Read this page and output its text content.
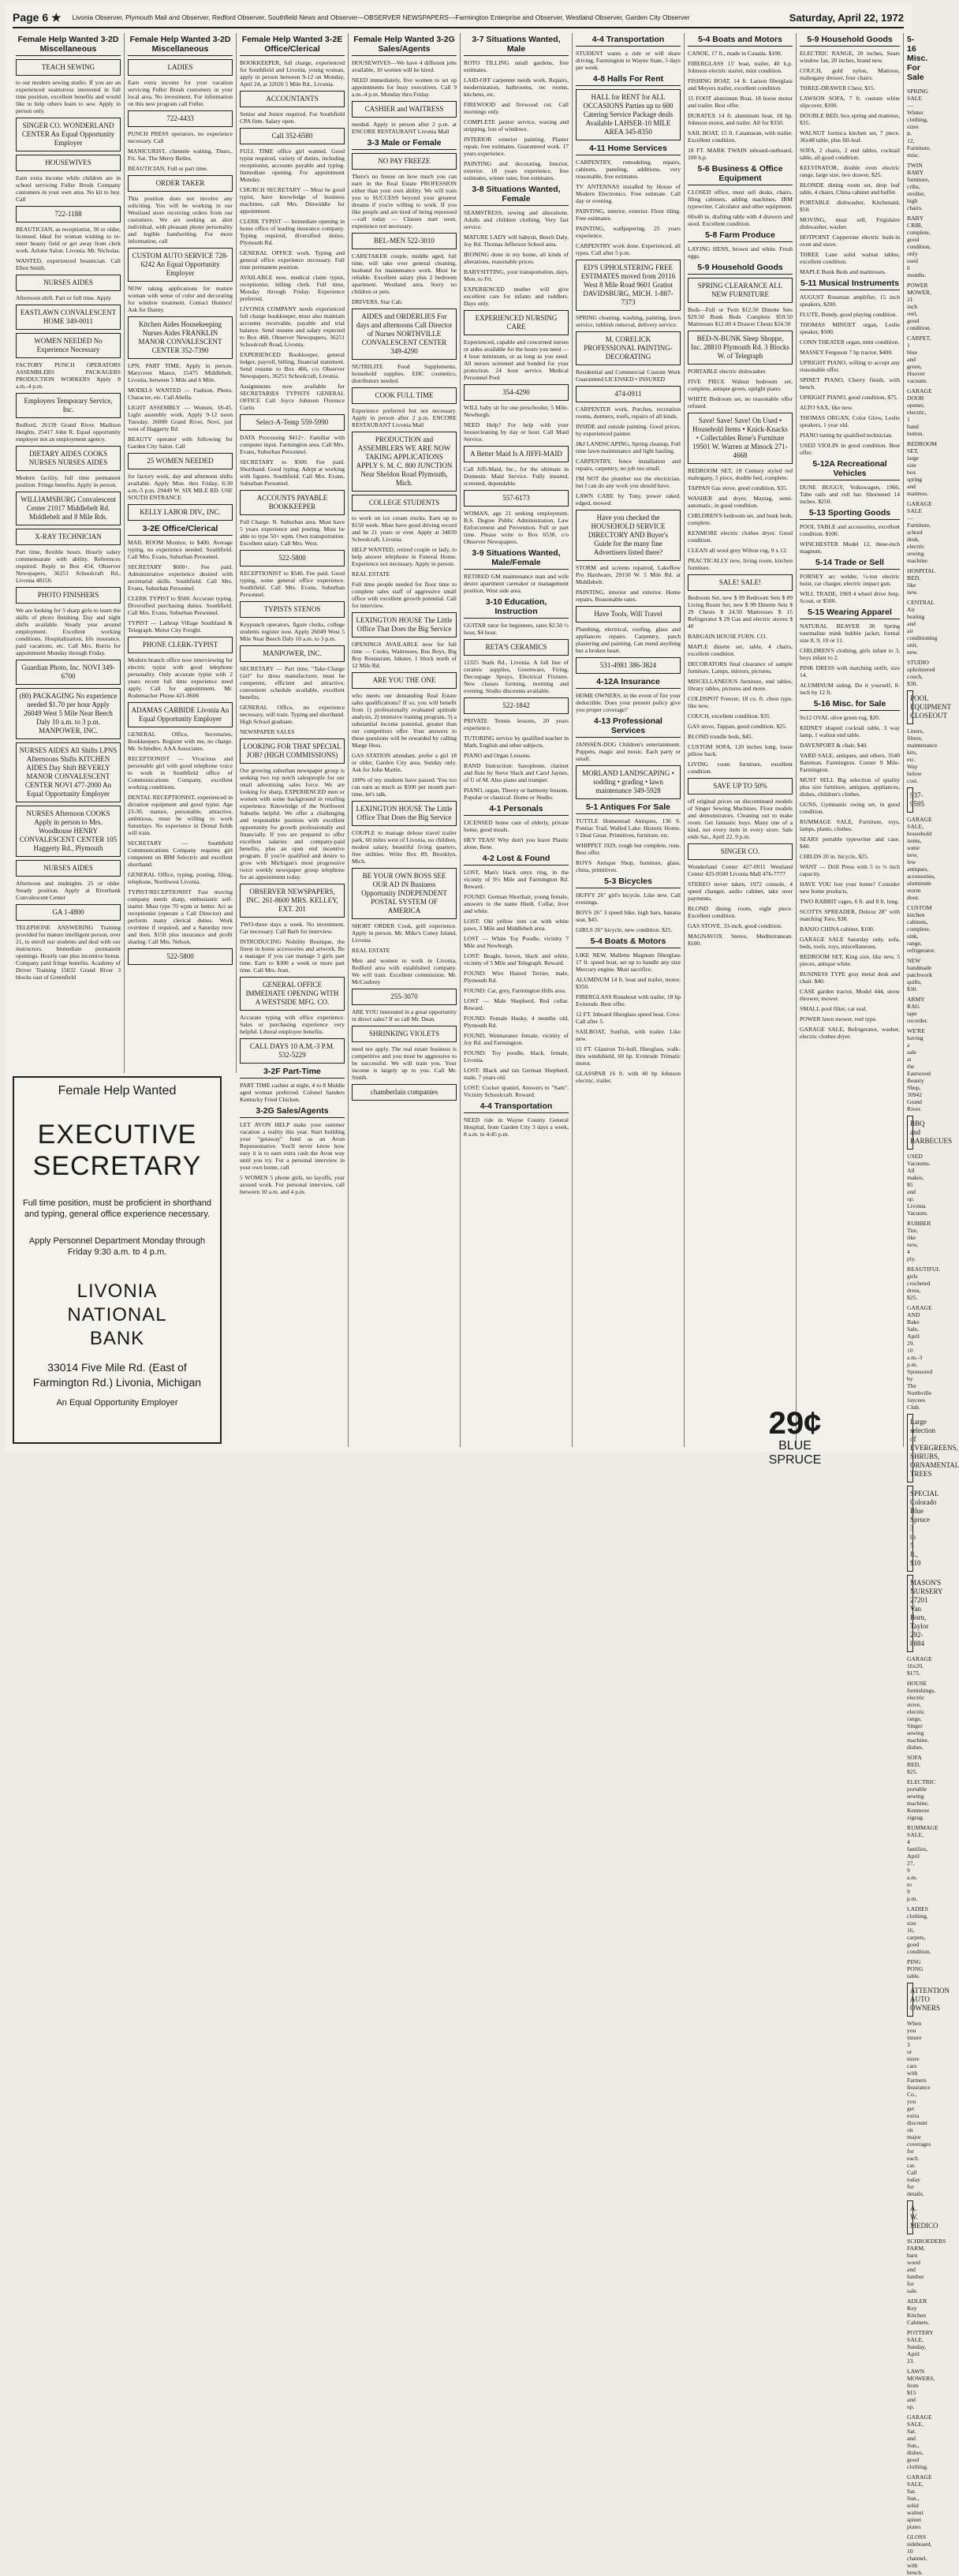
Page 6 ★ Livonia Observer, Plymouth Mail and Observer, Redford Observer, Southfield News and Observer—OBSERVER NEWSPAPERS—Farmington Enterprise and Observer, Westland Observer, Garden City Observer	Saturday, April 22, 1972
Female Help Wanted 3-2D Miscellaneous
TEACH SEWING
to our modern sewing studio. If you are an experienced seamstress interested in full time position, excellent benefits and would like to help others learn to sew. Apply in person only.
SINGER CO. WONDERLAND CENTER An Equal Opportunity Employer
HOUSEWIVES
Earn extra income while children are in school servicing Fuller Brush Company customers in your own area. No kit to buy. Call
722-1188
BEAUTICIAN, as receptionist, 30 or older, licensed. Ideal for woman wishing to re-enter beauty field or get away from clerk work. Arlotte Salon. Livonia. Mr. Nicholas.
WANTED, experienced beautician. Call Ellen Smith.
NURSES AIDES
Afternoon shift. Part or full time. Apply
EASTLAWN CONVALESCENT HOME 349-0011
WOMEN NEEDED No Experience Necessary
FACTORY PUNCH OPERATORS ASSEMBLERS PACKAGERS PRODUCTION WORKERS Apply 8 a.m.-4 p.m.
Employers Temporary Service, Inc.
Redford, 26139 Grand River. Madison Heights, 25417 John R. Equal opportunity employer not an employment agency.
DIETARY AIDES COOKS NURSES NURSES AIDES
Modern facility, full time permanent position. Fringe benefits. Apply in person.
WILLIAMSBURG Convalescent Center 21017 Middlebelt Rd. Middlebelt and 8 Mile Rds.
X-RAY TECHNICIAN
Part time, flexible hours. Hourly salary commensurate with ability. References required. Reply to Box 454, Observer Newspapers, 36251 Schoolcraft Rd., Livonia 48150.
PHOTO FINISHERS
We are looking for 5 sharp girls to learn the skills of photo finishing. Day and night shifts available. Steady year around employment. Excellent working conditions. Hospitalization, life insurance, paid vacations, etc. Call Mrs. Burris for appointment Monday through Friday.
Guardian Photo, Inc. NOVI 349-6700
(80) PACKAGING No experience needed $1.70 per hour Apply 26049 West 5 Mile Near Beech Daly 10 a.m. to 3 p.m. MANPOWER, INC.
NURSES AIDES All Shifts LPNS Afternoons Shifts KITCHEN AIDES Day Shift BEVERLY MANOR CONVALESCENT CENTER NOVI 477-2000 An Equal Opportunity Employer
NURSES Afternoon COOKS Apply in person to Mrs. Woodhouse HENRY CONVALESCENT CENTER 105 Haggerty Rd., Plymouth
NURSES AIDES
Afternoon and midnights. 25 or older. Steady position. Apply at Riverbank Convalescent Center
GA 1-4800
TELEPHONE ANSWERING Training provided for mature intelligent person, over 21, to enroll our students and deal with our instructors. Immediate permanent openings. Hourly rate plus incentive bonus. Company paid fringe benefits. Academy of Driver Training 15032 Grand River 3 blocks east of Greenfield
Female Help Wanted 3-2D Miscellaneous
LADIES
Earn extra income for your vacation servicing Fuller Brush customers in your local area. No investment. For information on this new program call Fuller.
722-4433
PUNCH PRESS operators, no experience necessary. Call
MANICURIST, clientele waiting. Thurs., Fri. Sat. The Merry Belles.
BEAUTICIAN, Full or part time.
ORDER TAKER
This position does not involve any soliciting. You will be working in our Westland store receiving orders from our customers. We are seeking an alert individual, with pleasant phone personality and legible handwriting. For more information, call
CUSTOM AUTO SERVICE 728-6242 An Equal Opportunity Employer
NOW taking applications for mature woman with sense of color and decorating for window treatment. Contact Hunters! Ask for Danny.
Kitchen Aides Housekeeping Nurses Aides FRANKLIN MANOR CONVALESCENT CENTER 352-7390
LPN, PART TIME. Apply in person. Marycrest Manor, 15475 Middlebelt, Livonia, between 5 Mile and 6 Mile.
MODELS WANTED — Fashion, Photo, Character, etc. Call Abella.
LIGHT ASSEMBLY — Women, 18-45. Light assembly work. Apply 9-12 noon Tuesday. 26000 Grand River, Novi, just west of Haggerty Rd.
BEAUTY operator with following for Garden City Salon. Call
25 WOMEN NEEDED
for factory work, day and afternoon shifts available. Apply Mon. thru Friday, 6:30 a.m.-5 p.m. 29449 W. SIX MILE RD. USE SOUTH ENTRANCE
KELLY LABOR DIV., INC.
3-2E Office/Clerical
MAIL ROOM Monitor, to $400. Average typing, no experience needed. Southfield. Call Mrs. Evans, Suburban Personnel.
SECRETARY $600+. Fee paid. Administrative experience desired with secretarial skills. Southfield. Call Mrs. Evans, Suburban Personnel.
CLERK TYPIST to $500. Accurate typing. Diversified purchasing duties. Southfield. Call Mrs. Evans, Suburban Personnel.
TYPIST — Lathrup Village Southland & Telegraph. Motor City Freight.
PHONE CLERK-TYPIST
Modern branch office now interviewing for electric typist with good telephone personality. Only accurate typist with 2 years recent full time experience need apply. Call for appointment. Mr. Rodemacher Phone 421-8606
ADAMAS CARBIDE Livonia An Equal Opportunity Employer
GENERAL Office, Secretaries, Bookkeepers. Register with me, no charge. Mr. Schindler, AAA Associates.
RECEPTIONIST — Vivacious and personable girl with good telephone voice to work in Southfield office of Communications Company, excellent working conditions.
DENTAL RECEPTIONIST, experienced in dictation equipment and good typist. Age 23-30, mature, personable, attractive, ambitious, must be willing to work Saturdays. No experience in Dental fields will train.
SECRETARY — Southfield Communications Company requires girl competent on IBM Selectric and excellent shorthand.
GENERAL Office, typing, posting, filing, telephone, Northwest Livonia.
TYPIST/RECEPTIONIST Fast moving company needs sharp, enthusiastic self-starter. Must type 70 wpm or better. Act as receptionist (operate a Call Director) and perform many clerical duties. Work overtime if required, and a Saturday now and then. $150 plus insurance and profit sharing. Call Mrs. Nelson,
522-5800
Female Help Wanted 3-2E Office/Clerical
BOOKKEEPER, full charge, experienced for Southfield and Livonia, young woman, apply in person between 9-12 on Monday, April 24, at 32020 5 Mile Rd., Livonia.
ACCOUNTANTS
Senior and Junior required. For Southfield CPA firm. Salary open.
Call 352-6580
FULL TIME office girl wanted. Good typist required, variety of duties, including receptionist, accounts payable and typing. Immediate opening. For appointment Monday.
CHURCH SECRETARY — Must be good typist, have knowledge of business machines, call Mrs. Dinwiddie for appointment.
CLERK TYPIST — Immediate opening in home office of leading insurance company. Typing required, diversified duties. Plymouth Rd.
GENERAL OFFICE work. Typing and general office experience necessary. Full time permanent position.
AVAILABLE now, medical claim typist, receptionist, billing clerk. Full time, Monday through Friday. Experience preferred.
LIVONIA COMPANY needs experienced full charge bookkeeper, must also maintain accounts receivable, payable and trial balance. Send resume and salary expected to Box 468, Observer Newspapers, 36251 Schoolcraft Road, Livonia.
EXPERIENCED Bookkeeper, general ledger, payroll, billing, financial statement. Send resume to Box 466, c/o Observer Newspapers, 36251 Schoolcraft, Livonia.
Assignments now available for SECRETARIES TYPISTS GENERAL OFFICE Call Joyce Johnson Florence Curtis
Select-A-Temp 559-5990
DATA Processing $412+. Familiar with computer input. Farmington area. Call Mrs. Evans, Suburban Personnel.
SECRETARY to $500. Fee paid. Shorthand. Good typing. Adept at working with figures. Southfield. Call Mrs. Evans, Suburban Personnel.
ACCOUNTS PAYABLE BOOKKEEPER
Full Charge. N. Suburban area. Must have 5 years experience and posting. Must be able to type 50+ wpm. Own transportation. Excellent salary. Call Mrs. West.
522-5800
RECEPTIONIST to $540. Fee paid. Good typing, some general office experience. Southfield. Call Mrs. Evans, Suburban Personnel.
TYPISTS STENOS
Keypunch operators, figure clerks, college students register now. Apply 26049 West 5 Mile Near Beech Daly 10 a.m. to 3 p.m.
MANPOWER, INC.
SECRETARY — Part time, "Take-Charge Girl" for dress manufacturer, must be competent, efficient and attractive, convenient schedule available, excellent benefits.
GENERAL Office, no experience necessary, will train. Typing and shorthand. High School graduate.
NEWSPAPER SALES
LOOKING FOR THAT SPECIAL JOB? (HIGH COMMISSIONS)
Our growing suburban newspaper group is seeking two top notch salespeople for our retail advertising sales force. We are looking for sharp, EXPERIENCED men or women with some background in retailing experience. Knowledge of the Northwest Suburbs helpful. We offer a challenging and responsible position with excellent opportunity for growth professionally and financially. If you are prepared to offer excellent salaries and company-paid benefits, plus an open end incentive program. If you're qualified and desire to grow with Michigan's most progressive twice weekly newspaper group telephone for an appointment today.
OBSERVER NEWSPAPERS, INC. 261-8600 MRS. KELLEY, EXT. 201
TWO-three days a week. No investment. Car necessary. Call Barb for interview.
INTRODUCING Nobility Boutique, the finest in home accessories and artwork. Be a manager if you can manage 3 girls part time. Earn to $300 a week or more part time. Call Mrs. Jean.
GENERAL OFFICE IMMEDIATE OPENING WITH A WESTSIDE MFG. CO.
Accurate typing with office experience. Sales or purchasing experience very helpful. Liberal employee benefits.
CALL DAYS 10 A.M.-3 P.M. 532-5229
3-2F Part-Time
PART TIME cashier at night, 4 to 8 Middle aged woman preferred. Colonel Sanders Kentucky Fried Chicken.
3-2G Sales/Agents
LET AVON HELP make your summer vacation a reality this year. Start building your "getaway" fund as an Avon Representative. You'll never know how easy it is to earn extra cash the Avon way until you try. For a personal interview in your own home, call
5 WOMEN 5 phone girls, no layoffs, year around work. For personal interview, call between 10 a.m. and 4 p.m.
Female Help Wanted 3-2G Sales/Agents
HOUSEWIVES—We have 4 different jobs available, 10 women will be hired.
NEED immediately, five women to set up appointments for busy executives. Call 9 a.m.-4 p.m. Monday thru Friday.
CASHIER and WAITRESS
needed. Apply in person after 2 p.m. at ENCORE RESTAURANT Livonia Mall
3-3 Male or Female
NO PAY FREEZE
There's no freeze on how much you can earn in the Real Estate PROFESSION either than your own ability. We will train you to SUCCESS beyond your greatest dreams if you're willing to work. If you like people and are tired of being repressed—call today — Classes start soon, experience not necessary.
BEL-MEN 522-3010
CARETAKER couple, middle aged, full time, will take over general cleaning, husband for maintenance work. Must be reliable. Excellent salary plus 2 bedroom apartment. Westland area. Sorry no children or pets.
DRIVERS, Star Cab.
AIDES and ORDERLIES For days and afternoons Call Director of Nurses NORTHVILLE CONVALESCENT CENTER 349-4290
NUTRILITE Food Supplements, household supplies. EHC cosmetics, distributors needed.
COOK FULL TIME
Experience preferred but not necessary. Apply in person after 2 p.m. ENCORE RESTAURANT Livonia Mall
PRODUCTION and ASSEMBLERS WE ARE NOW TAKING APPLICATIONS APPLY S. M. C. 800 JUNCTION Near Sheldon Road Plymouth, Mich.
COLLEGE STUDENTS
to work on ice cream trucks. Earn up to $150 week. Must have good driving record and be 21 years or over. Apply at 34039 Schoolcraft, Livonia.
HELP WANTED, retired couple or lady, to help answer telephone in Funeral Home. Experience not necessary. Apply in person.
REAL ESTATE
Full time people needed for floor time to complete sales staff of aggressive small office with excellent growth potential. Call for interview.
LEXINGTON HOUSE The Little Office That Does the Big Service
OPENINGS AVAILABLE now for full time — Cooks, Waitresses, Bus Boys, Big Boy Restaurant, Inkster, 1 block north of 12 Mile Rd.
ARE YOU THE ONE
who meets our demanding Real Estate sales qualifications? If so, you will benefit from 1) professionally evaluated aptitude analysis, 2) intensive training program, 3) a substantial income potential, greater than our competitors offer. Your answers to these questions will be rewarded by calling Marge Hess.
GAS STATION attendant, prefer a girl 18 or older, Garden City area. Sunday only. Ask for John Martin.
100% of my students have passed. You too can earn as much as $500 per month part-time, let's talk.
LEXINGTON HOUSE The Little Office That Does the Big Service
COUPLE to manage deluxe travel trailer park, 60 miles west of Livonia, no children, modest salary, beautiful living quarters, free utilities. Write Box 89, Brooklyn, Mich.
BE YOUR OWN BOSS SEE OUR AD IN Business Opportunity INDEPENDENT POSTAL SYSTEM OF AMERICA
SHORT ORDER Cook, grill experience. Apply in person. Mr. Mike's Coney Island, Livonia.
REAL ESTATE
Men and women to work in Livonia, Redford area with established company. We will train. Excellent commission. Mr. McCoubrey
255-3070
ARE YOU interested in a great opportunity in direct sales? If so call Mr. Dean.
SHRINKING VIOLETS
need not apply. The real estate business is competitive and you must be aggressive to be successful. We will train you. Your income is largely up to you. Call Mr. Smith.
chamberlain companies
3-7 Situations Wanted, Male
ROTO TILLING small gardens, free estimates.
LAID-OFF carpenter needs work. Repairs, modernization, bathrooms, rec rooms, kitchens, etc.
FIREWOOD and firewood cut. Call mornings only.
COMPLETE janitor service, waxing and stripping, lots of windows.
INTERIOR exterior painting. Plaster repair, free estimates. Guaranteed work. 17 years experience.
PAINTING and decorating. Interior, exterior. 18 years experience, free estimates, winter rates, free estimates.
3-8 Situations Wanted, Female
SEAMSTRESS, sewing and alterations. Adults and children clothing. Very fast service.
MATURE LADY will babysit, Beech Daly, Joy Rd. Thomas Jefferson School area.
IRONING done in my home, all kinds of alterations, reasonable prices.
BABYSITTING, your transportation, days, Mon. to Fri.
EXPERIENCED mother will give excellent care for infants and toddlers. Days only.
EXPERIENCED NURSING CARE
Experienced, capable and concerned nurses or aides available for the hours you need — 4 hour minimum, or as long as you need. All nurses screened and bonded for your protection. 24 hour service. Medical Personnel Pool
354-4290
WILL baby sit for one preschooler, 5 Mile-Newburgh.
NEED Help? For help with your housecleaning by day or hour. Call Maid Service.
A Better Maid Is A JIFFI-MAID
Call Jiffi-Maid, Inc., for the ultimate in Domestic Maid Service. Fully insured, screened, dependable.
557-6173
WOMAN, age 21 seeking employment, B.S. Degree Public Administration, Law Enforcement and Prevention. Full or part time. Please write to Box 6538, c/o Observer Newspapers.
3-9 Situations Wanted, Male/Female
RETIRED GM maintenance man and wife desire apartment caretaker or management position, West side area.
3-10 Education, Instruction
GUITAR tutor for beginners, rates $2.50 ½ hour, $4 hour.
RETA'S CERAMICS
12325 Stark Rd., Livonia. A full line of ceramic supplies, Greenware, Firing, Decoupage Sprays, Electrical Fixtures. New classes forming, morning and evening. Studio discounts available.
522-1842
PRIVATE Tennis lessons, 20 years experience.
TUTORING service by qualified teacher in Math, English and other subjects.
PIANO and Organ Lessons.
BAND Instruction: Saxophone, clarinet and flute by Steve Slack and Carol Jaynes, of U of M. Also piano and trumpet.
PIANO, organ, Theory or harmony lessons. Popular or classical. Home or Studio.
4-1 Personals
LICENSED home care of elderly, private home, good meals.
HEY TEAS! Why don't you leave Plastic alone, Ilene.
4-2 Lost & Found
LOST, Man's black onyx ring, in the vicinity of 9½ Mile and Farmington Rd. Reward.
FOUND: German Shorthair, young female, answers to the name Hiedi. Collar, liver and white.
LOST: Old yellow tom cat with white paws, 3 Mile and Middlebelt area.
LOST — White Toy Poodle, vicinity 7 Mile and Newburgh.
LOST: Beagle, brown, black and white, vicinity of 5 Mile and Telegraph. Reward.
FOUND: Wire Haired Terrier, male, Plymouth Rd.
FOUND: Cat, grey, Farmington Hills area.
LOST — Male Shepherd, Red collar. Reward.
FOUND: Female Husky, 4 months old, Plymouth Rd.
FOUND, Weimaraner female, vicinity of Joy Rd. and Farmington.
FOUND: Toy poodle, black, female, Livonia.
LOST: Black and tan German Shepherd, male, 7 years old.
LOST: Cocker spaniel, Answers to "Sam". Vicinity Schoolcraft. Reward.
4-4 Transportation
NEED ride in Wayne County General Hospital, from Garden City 3 days a week, 8 a.m. to 4:45 p.m.
4-4 Transportation
STUDENT wants a ride or will share driving, Farmington to Wayne State, 5 days per week.
4-8 Halls For Rent
HALL for RENT for ALL OCCASIONS Parties up to 600 Catering Service Package deals Available LAHSER-10 MILE AREA 345-8350
4-11 Home Services
CARPENTRY, remodeling, repairs, cabinets, paneling, additions, very reasonable, free estimates.
TV ANTENNAS installed by House of Modern Electronics. Free estimate. Call day or evening.
PAINTING, interior, exterior. Floor tiling. Free estimates.
PAINTING, wallpapering, 25 years experience.
CARPENTRY work done. Experienced, all types. Call after 5 p.m.
ED'S UPHOLSTERING FREE ESTIMATES moved from 20116 West 8 Mile Road 9601 Gratiot DAVIDSBURG, MICH. 1-887-7373
SPRING cleaning, washing, painting, lawn service, rubbish removal, delivery service.
M. CORELICK PROFESSIONAL PAINTING-DECORATING
Residential and Commercial Custom Work Guaranteed LICENSED • INSURED
474-0911
CARPENTER work, Porches, recreation rooms, dormers, roofs, repairs of all kinds.
INSIDE and outside painting. Good prices, by experienced painter.
J&J LANDSCAPING, Spring cleanup, Full time lawn maintenance and light hauling.
CARPENTRY, fence installation and repairs, carpentry, no job too small.
I'M NOT the plumber nor the electrician, but I can do any work you should have.
LAWN CARE by Tony, power raked, edged, mowed.
Have you checked the HOUSEHOLD SERVICE DIRECTORY AND Buyer's Guide for the many fine Advertisers listed there?
STORM and screens repaired, Lakeflow Pro Hardware, 29150 W. 5 Mile Rd. at Middlebelt.
PAINTING, interior and exterior. Home repairs. Reasonable rates.
Have Tools, Will Travel
Plumbing, electrical, roofing, glass and appliances repairs. Carpentry, patch plastering and painting. Can mend anything but a broken heart.
531-4981 386-3824
4-12A Insurance
HOME OWNERS, in the event of fire your deductible. Does your present policy give you proper coverage?
4-13 Professional Services
JANSSEN-DOG Children's entertainment. Puppets, magic and music. Each party or small.
MORLAND LANDSCAPING • sodding • grading • lawn maintenance 349-5928
5-1 Antiques For Sale
TUTTLE Homestead Antiques, 136 S. Pontiac Trail, Walled Lake. Historic Home, 5 Deal Great. Primitives, furniture, etc.
WHIPPET 1929, rough but complete, runs. Best offer.
ROYS Antique Shop, furniture, glass, china, primitives.
5-3 Bicycles
HUFFY 26" girl's bicycle. Like new. Call evenings.
BOYS 26" 3 speed bike, high bars, banana seat, $45.
GIRLS 26" bicycle, new condition. $25.
5-4 Boats & Motors
LIKE NEW, Mallette Magnum fiberglass 17 ft. speed boat, set up to handle any size Mercury engine. Must sacrifice.
ALUMINUM 14 ft. boat and trailer, motor. $350.
FIBERGLASS Runabout with trailer, 18 hp Evinrude. Best offer.
12 FT. Inboard fiberglass speed boat, Cove. Call after 5.
SAILBOAT, Sunfish, with trailer. Like new.
15 FT. Glastron Tri-hull, fiberglass, walk-thru windshield, 60 hp. Evinrude Trimatic motor.
GLASSPAR 16 ft. with 40 hp Johnson electric, trailer.
5-4 Boats and Motors
CANOE, 17 ft., made in Canada. $100.
FIBERGLASS 15' boat, trailer, 40 h.p. Johnson electric starter, mint condition.
FISHING BOAT, 14 ft. Larson fiberglass and Meyers trailer, excellent condition.
15 FOOT aluminum Boat, 18 horse motor and trailer. Best offer.
DURATEX 14 ft. aluminum boat, 18 hp. Johnson motor, and trailer. All for $350.
SAIL BOAT, 15 ft. Catamaran, with trailer. Excellent condition.
18 FT. MARK TWAIN inboard-outboard, 100 h.p.
5-6 Business & Office Equipment
CLOSED office, must sell desks, chairs, filing cabinets, adding machines, IBM typewriter, Calculator and other equipment.
60x40 in. drafting table with 4 drawers and stool. Excellent condition.
5-8 Farm Produce
LAYING HENS, brown and white. Fresh eggs.
5-9 Household Goods
SPRING CLEARANCE ALL NEW FURNITURE
Beds—Full or Twin $12.50 Dinette Sets $29.50 Bunk Beds Complete $59.50 Mattresses $12.00 4 Drawer Chests $24.50
BED-N-BUNK Sleep Shoppe, Inc. 28810 Plymouth Rd. 3 Blocks W. of Telegraph
PORTABLE electric dishwasher.
FIVE PIECE Walnut bedroom set, complete, antique green, upright piano.
WHITE Bedroom set, no reasonable offer refused.
Save! Save! Save! On Used • Household Items • Knick-Knacks • Collectables Rene's Furniture 19501 W. Warren at Minock 271-4668
BEDROOM SET, 18 Century styled red mahogany, 5 piece, double bed, complete.
TAPPAN Gas stove, good condition, $35.
WASHER and dryer, Maytag, semi-automatic, in good condition.
CHILDREN'S bedroom set, and bunk beds, complete.
KENMORE electric clothes dryer. Good condition.
CLEAN all wool grey Wilton rug, 9 x 12.
PRACTICALLY new, living room, kitchen furniture.
SALE! SALE!
Bedroom Set, new $ 99 Bedroom Sets $ 89 Living Room Set, new $ 99 Dinette Sets $ 29 Chests $ 24.50 Mattresses $ 15 Refrigerator $ 29 Gas and electric stoves $ 40
BARGAIN HOUSE FURN. CO.
MAPLE dinette set, table, 4 chairs, excellent condition.
DECORATORS final clearance of sample furniture. Lamps, mirrors, pictures.
MISCELLANEOUS furniture, end tables, library tables, pictures and more.
COLDSPOT Freezer, 18 cu. ft. chest type, like new.
COUCH, excellent condition. $35.
GAS stove, Tappan, good condition. $25.
BLOND trundle beds, $45.
CUSTOM SOFA, 120 inches long, loose pillow back.
LIVING room furniture, excellent condition.
SAVE UP TO 50%
off original prices on discontinued models of Singer Sewing Machines. Floor models and demonstrators. Cleaning out to make room. Get fantastic buys. Many one of a kind, not every item in every store. Sale ends Sat., April 22, 9 p.m.
SINGER CO.
Wonderland Center 427-0011 Westland Center 425-9500 Livonia Mall 476-7777
STEREO never taken, 1972 console, 4 speed changer, audio cabinet, take over payments.
BLOND dining room, eight piece. Excellent condition.
GAS STOVE, 33-inch, good condition.
MAGNAVOX Stereo, Mediterranean. $100.
5-9 Household Goods
ELECTRIC RANGE, 20 inches, Sears window fan, 20 inches, brand new.
COUCH, gold nylon, Mattress, mahogany dresser, four chairs.
THREE-DRAWER Chest, $15.
LAWSON SOFA, 7 ft. custom white slipcover, $100.
DOUBLE BED, box spring and mattress, $35.
WALNUT formica kitchen set, 7 piece. 36x48 table, plus fill-leaf.
SOFA, 2 chairs, 2 end tables, cocktail table, all good condition.
KELVINATOR, double oven electric range, large size, two drawer, $25.
BLONDE dining room set, drop leaf table, 4 chairs, China cabinet and buffet.
PORTABLE dishwasher, Kitchenaid, $50.
MOVING, must sell, Frigidaire dishwasher, washer.
HOTPOINT Copperone electric built-in oven and stove.
THREE Lane solid walnut tables, excellent condition.
MAPLE Bunk Beds and mattresses.
5-11 Musical Instruments
AUGUST Rossman amplifier, 15 inch speakers, $200.
FLUTE, Bundy, good playing condition.
THOMAS MINUET organ, Leslie speaker, $500.
CONN THEATER organ, mint condition.
MASSEY Ferguson 7 hp tractor, $400.
UPRIGHT PIANO, willing to accept any reasonable offer.
SPINET PIANO, Cherry finish, with bench.
UPRIGHT PIANO, good condition, $75.
ALTO SAX, like new.
THOMAS ORGAN, Color Glow, Leslie speakers, 1 year old.
PIANO tuning by qualified technician.
USED VIOLIN in good condition. Best offer.
5-12A Recreational Vehicles
DUNE BUGGY, Volkswagen, 1966, Tube rails and roll bar. Shortened 14 inches. $250.
5-13 Sporting Goods
POOL TABLE and accessories, excellent condition. $100.
WINCHESTER Model 12, three-inch magnum.
5-14 Trade or Sell
FORNEY arc welder, ½-ton electric hoist, car charger, electric impact gun.
WILL TRADE, 1969 4 wheel drive Jeep. Scout, or $500.
5-15 Wearing Apparel
NATURAL BEAVER 38 Spring tourmaline mink bubble jacket, formal size 8, 9, 10 or 11.
CHILDREN'S clothing, girls infant to 3, boys infant to 2.
PINK DRESS with matching outfit, size 14.
ALUMINUM siding. Do it yourself, 8-inch by 12 ft.
5-16 Misc. for Sale
9x12 OVAL olive green rug, $20.
KIDNEY shaped cocktail table, 3 way lamp, 1 walnut end table.
DAVENPORT & chair, $40.
YARD SALE, antiques, and others. 3540 Bateman. Farmington. Corner 9 Mile-Farmington.
MUST SELL Big selection of quality plus size furniture, antiques, appliances, dishes, children's clothes.
GUNS, Gymnastic swing set, in good condition.
RUMMAGE SALE, Furniture, toys, lamps, plants, clothes.
SEARS portable typewriter and case, $40.
CHILDS 20 in. bicycle, $25.
WANT — Drill Press with 5 to ½ inch capacity.
HAVE YOU lost your home? Consider new home products.
TWO RABBIT cages, 6 ft. and 8 ft. long.
SCOTTS SPREADER, Deluxe 28" with matching Toro, $30.
BANJO CHINA cabinet, $100.
GARAGE SALE Saturday only, sofa, beds, tools, toys, miscellaneous.
BEDROOM SET, King size, like new, 5 pieces, antique white.
BUSINESS TYPE gray metal desk and chair. $40.
CASE garden tractor, Model 444, snow thrower, mower.
SMALL pool filter, cat seal.
POWER lawn mower, reel type.
GARAGE SALE, Refrigerator, washer, electric clothes dryer.
5-16 Misc. For Sale
SPRING SALE — Winter clothing, sizes 8-12, Furniture, misc.
TWIN BABY furniture, cribs, stroller, high chairs.
BABY CRIB, complete, good condition, only used 6 months.
POWER MOWER, 21 inch reel, good condition.
CARPET, 1 blue and green, Hoover vacuum.
GARAGE DOOR opener, electric, 1 hand button.
BEDROOM SET, large size box spring and mattress.
GARAGE SALE — Furniture, school desk, electric sewing machine.
HOSPITAL BED, like new.
CENTRAL Air heating and air conditioning unit, new.
STUDIO upholstered couch, $30.
POOL EQUIPMENT CLOSEOUT
Liners, filters, maintenance kits, etc. Way below cost.
937-9595
GARAGE SALE, household items, some new, few antiques, accessories, aluminum storm door.
CUSTOM kitchen cabinets, complete, sink, range, refrigerator.
NEW handmade patchwork quilts, $30.
ARMY RAG tape recorder.
WE'RE having a sale at the Eastwood Beauty Shop, 30942 Grand River.
BBQ and BARBECUES
USED Vacuums. All makes, $5 and up. Livonia Vacuum.
RUBBER Tire, like new, 4 ply.
BEAUTIFUL girls crocheted dress, $25.
GARAGE AND Bake Sale, April 29. 10 a.m.-3 p.m. Sponsored by The Northville Jaycees Club.
Large selection of EVERGREENS, SHRUBS, ORNAMENTAL TREES
SPECIAL Colorado Blue Spruce 3 to 5 ft., $10
MASON'S NURSERY 27201 Van Born, Taylor 292-8884
GARAGE 16x20, $175.
HOUSE furnishings, electric stove, electric range, Singer sewing machine, dishes.
SOFA BED, $25.
ELECTRIC portable sewing machine, Kenmore zigzag.
RUMMAGE SALE, 4 families, April 27, 9 a.m. to 9 p.m.
LADIES clothing, size 16, carpets, good condition.
PING PONG table.
ATTENTION AUTO OWNERS
When you insure 3 or more cars with Farmers Insurance Co., you get extra discount on major coverages for each car. Call today for details.
A. W. MEDICO
SCHROEDERS FARM, barn wood and lumber for sale.
ADLER Key Kitchen Cabinets.
POTTERY SALE, Sunday, April 23.
LAWN MOWERS, from $15 and up.
GARAGE SALE, Sat. and Sun., dishes, good clothing.
GARAGE SALE, Sat. Sun., solid walnut spinet piano.
GLOSS sideboard, 10 channel, with bench.
Female Help Wanted
EXECUTIVE
SECRETARY
Full time position, must be proficient in shorthand and typing, general office experience necessary.
Apply Personnel Department Monday through Friday 9:30 a.m. to 4 p.m.
LIVONIA
NATIONAL
BANK
33014 Five Mile Rd. (East of Farmington Rd.) Livonia, Michigan
An Equal Opportunity Employer
29¢
BLUE SPRUCE
